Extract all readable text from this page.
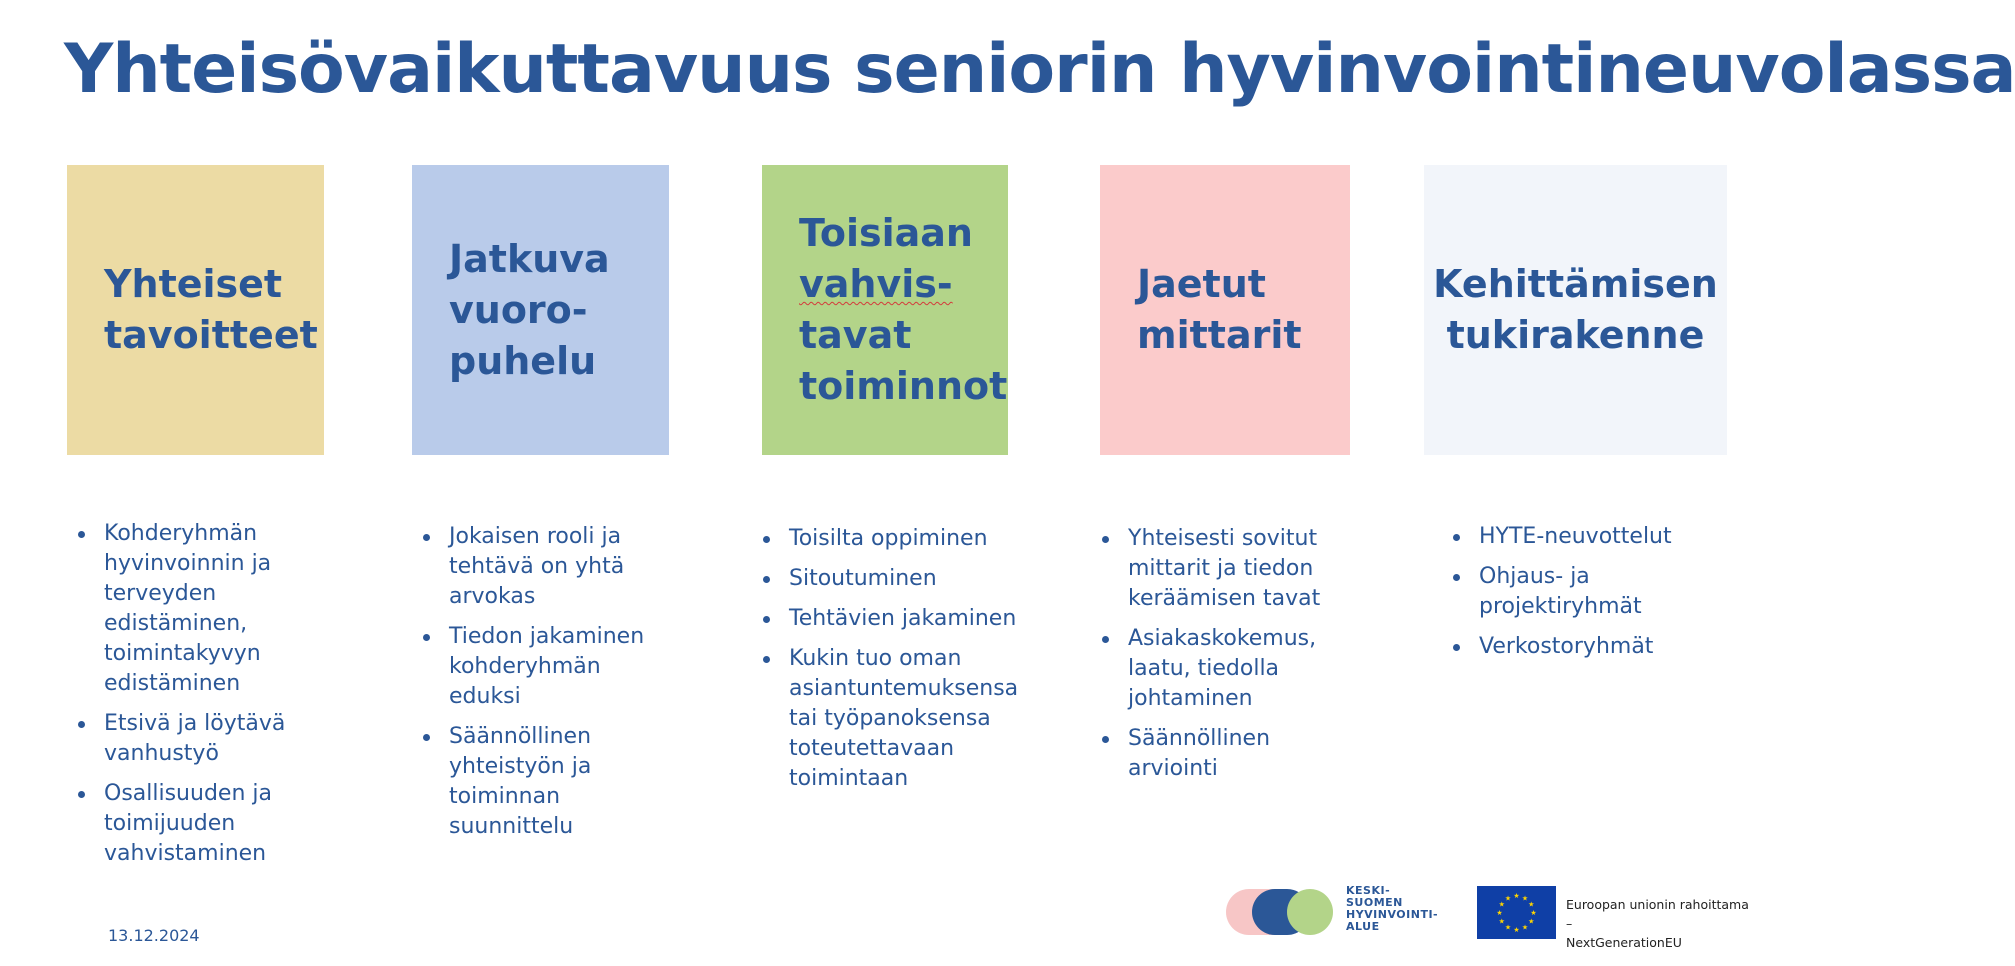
Yhteisövaikuttavuus seniorin hyvinvointineuvolassa
Yhteiset
tavoitteet
Jatkuva
vuoro-
puhelu
Toisiaan
vahvis-
tavat
toiminnot
Jaetut
mittarit
Kehittämisen
tukirakenne
Kohderyhmän
hyvinvoinnin ja
terveyden
edistäminen,
toimintakyvyn
edistäminen
Etsivä ja löytävä
vanhustyö
Osallisuuden ja
toimijuuden
vahvistaminen
Jokaisen rooli ja
tehtävä on yhtä
arvokas
Tiedon jakaminen
kohderyhmän
eduksi
Säännöllinen
yhteistyön ja
toiminnan
suunnittelu
Toisilta oppiminen
Sitoutuminen
Tehtävien jakaminen
Kukin tuo oman
asiantuntemuksensa
tai työpanoksensa
toteutettavaan
toimintaan
Yhteisesti sovitut
mittarit ja tiedon
keräämisen tavat
Asiakaskokemus,
laatu, tiedolla
johtaminen
Säännöllinen
arviointi
HYTE-neuvottelut
Ohjaus- ja
projektiryhmät
Verkostoryhmät
13.12.2024
KESKI-
SUOMEN
HYVINVOINTI-
ALUE
★ ★
★
★
★
★
★
★
★
★
★
★	Euroopan unionin rahoittama –
NextGenerationEU
